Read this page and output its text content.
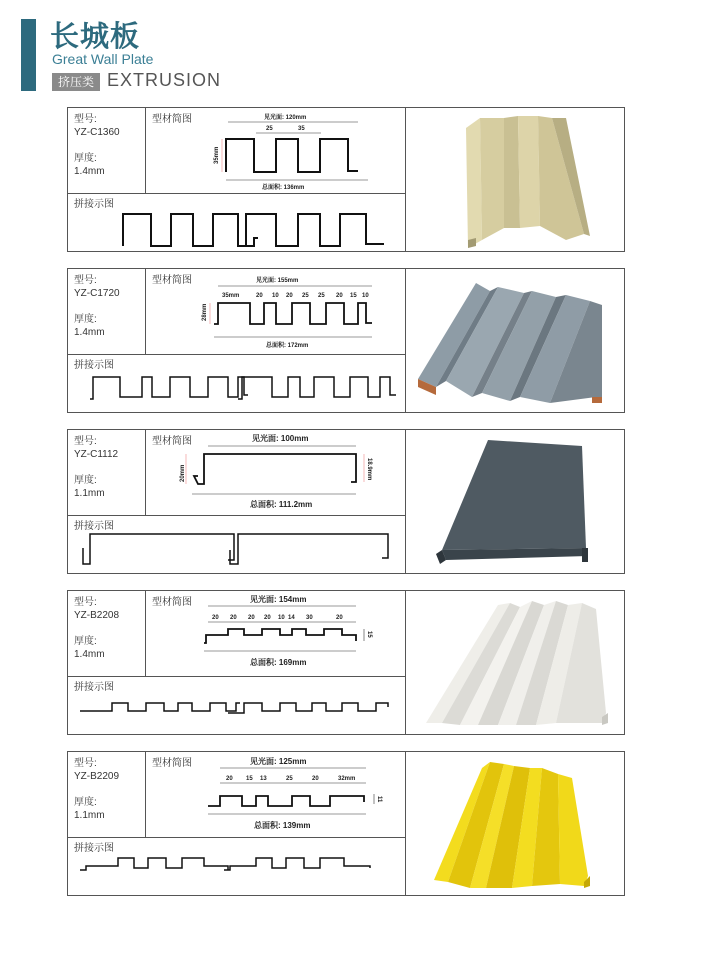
长城板
Great Wall Plate
挤压类 EXTRUSION
型号:
YZ-C1360
厚度:
1.4mm
型材简图	见光面: 120mm
25	35
35mm
总面积: 136mm
拼接示图
型号:
YZ-C1720
厚度:
1.4mm
型材简图	见光面: 155mm
35mm	20 10 20 25 25 20 15 10
28mm
总面积: 172mm
拼接示图
型号:
YZ-C1112
厚度:
1.1mm
型材简图	见光面: 100mm
20mm	18.9mm
总面积: 111.2mm
拼接示图
型号:
YZ-B2208
厚度:
1.4mm
型材简图	见光面: 154mm
20 20 20 20 10 14 30	20
15
总面积: 169mm
拼接示图
型号:
YZ-B2209
厚度:
1.1mm
型材简图	见光面: 125mm
20 15 13	25	20	32mm
11
总面积: 139mm
拼接示图
